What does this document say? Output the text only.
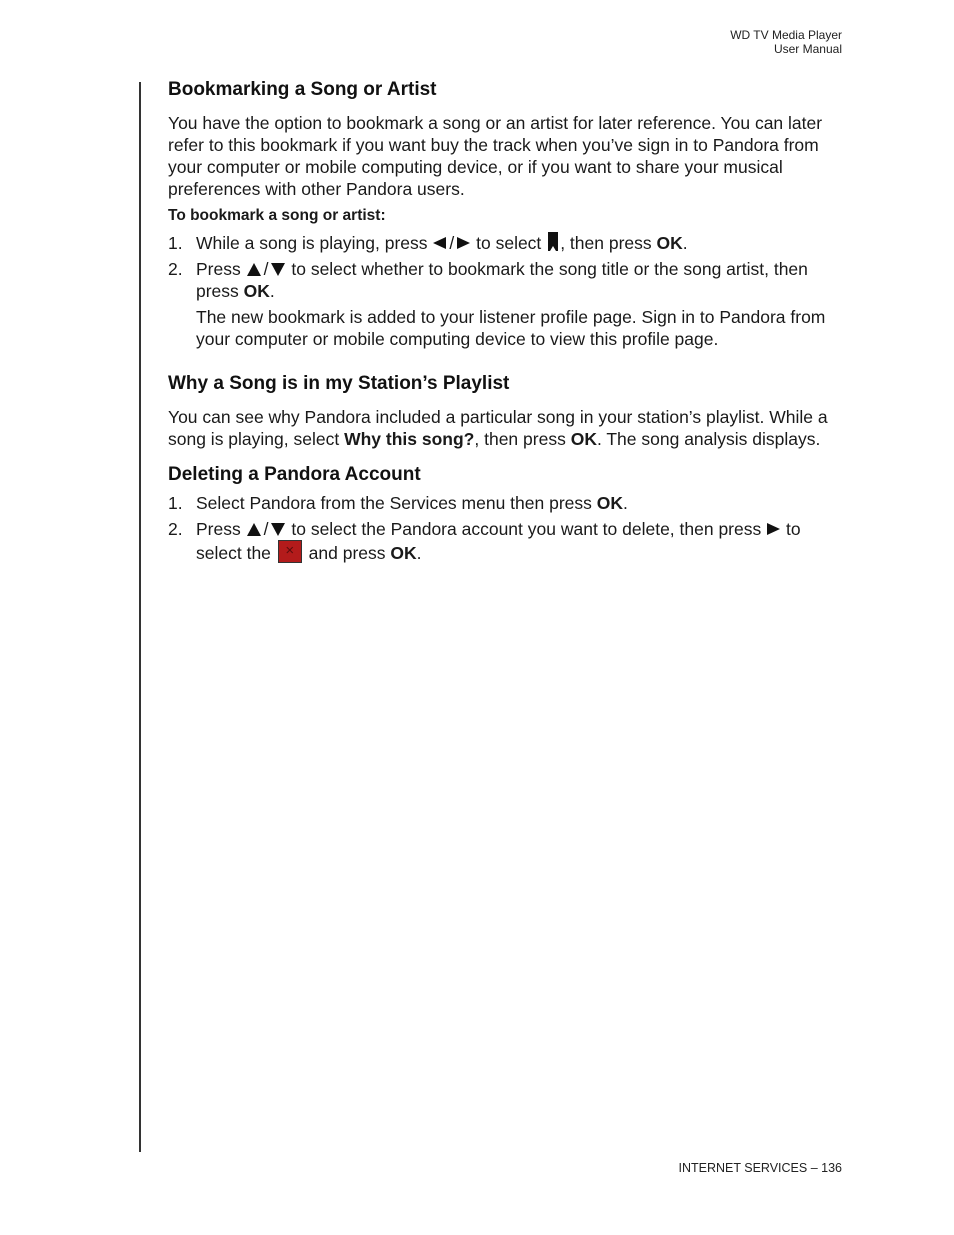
WD TV Media Player
User Manual
Bookmarking a Song or Artist

You have the option to bookmark a song or an artist for later reference. You can later refer to this bookmark if you want buy the track when you’ve sign in to Pandora from your computer or mobile computing device, or if you want to share your musical preferences with other Pandora users.

To bookmark a song or artist:
1. While a song is playing, press / to select , then press OK.
2. Press / to select whether to bookmark the song title or the song artist, then press OK.

The new bookmark is added to your listener profile page. Sign in to Pandora from your computer or mobile computing device to view this profile page.

Why a Song is in my Station’s Playlist

You can see why Pandora included a particular song in your station’s playlist. While a song is playing, select Why this song?, then press OK. The song analysis displays.

Deleting a Pandora Account
1. Select Pandora from the Services menu then press OK.
2. Press / to select the Pandora account you want to delete, then press to select the × and press OK.
INTERNET SERVICES – 136
